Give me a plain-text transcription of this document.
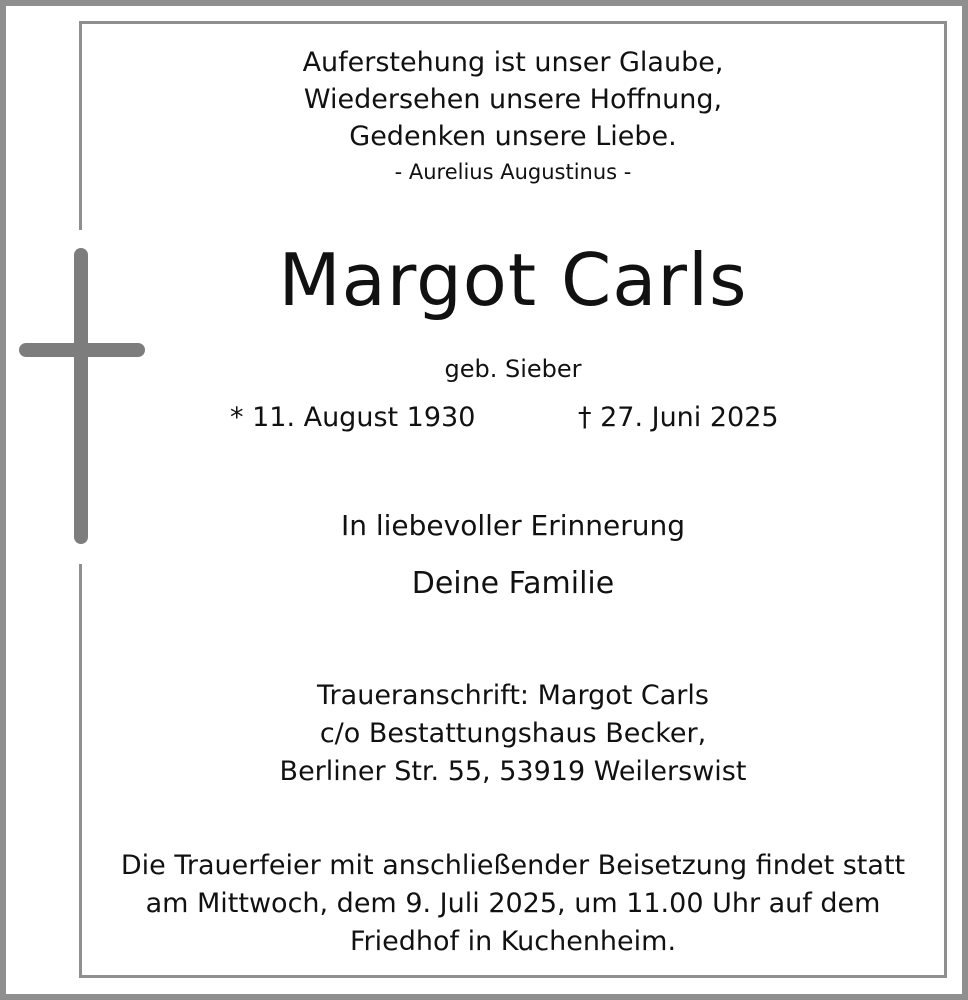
Auferstehung ist unser Glaube,

Wiedersehen unsere Hoffnung,

Gedenken unsere Liebe.

- Aurelius Augustinus -

Margot Carls

geb. Sieber

* 11. August 1930	† 27. Juni 2025

In liebevoller Erinnerung

Deine Familie

Traueranschrift: Margot Carls

c/o Bestattungshaus Becker,

Berliner Str. 55, 53919 Weilerswist

Die Trauerfeier mit anschließender Beisetzung findet statt

am Mittwoch, dem 9. Juli 2025, um 11.00 Uhr auf dem

Friedhof in Kuchenheim.
